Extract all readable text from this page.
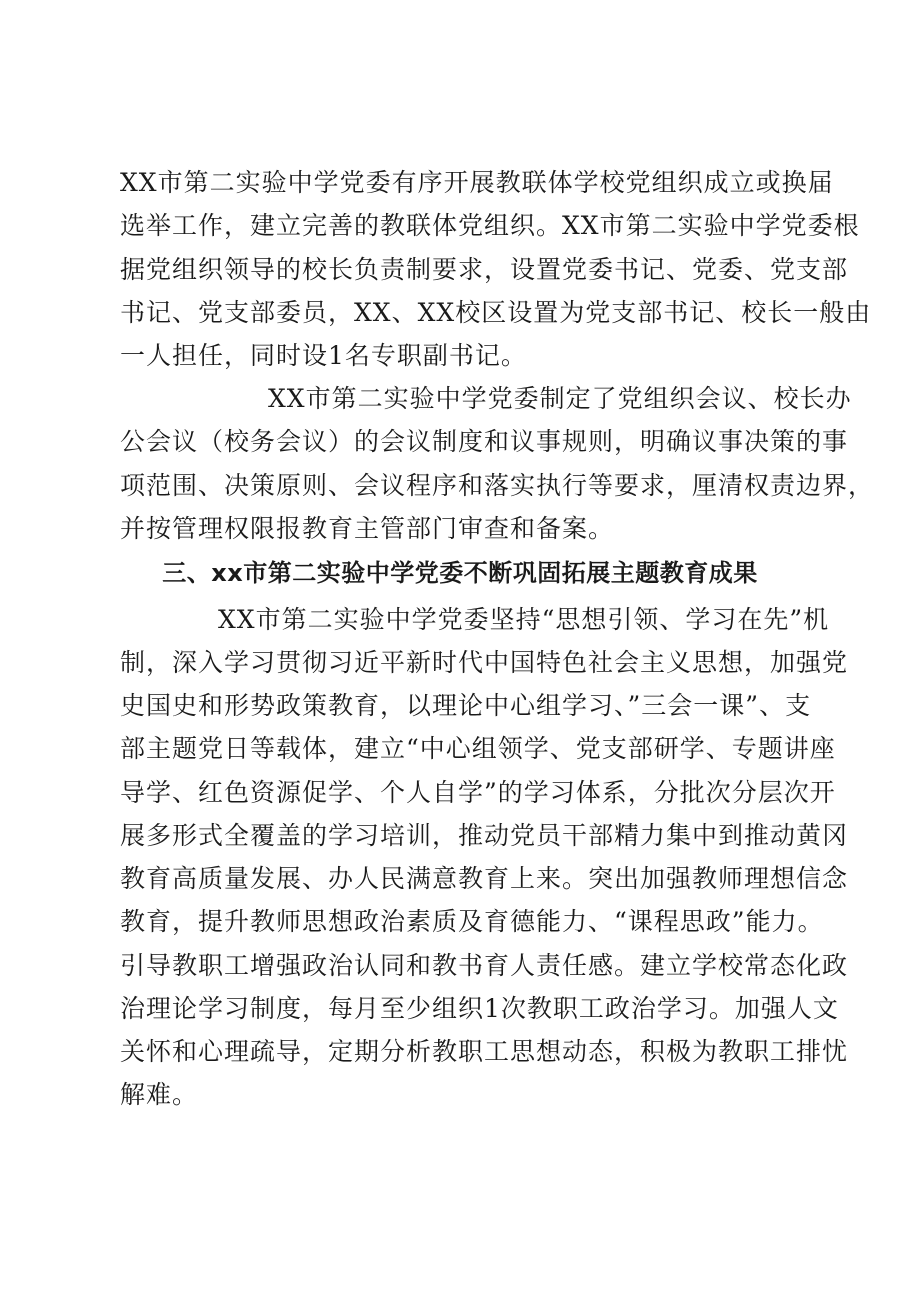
XX市第二实验中学党委有序开展教联体学校党组织成立或换届
选举工作，建立完善的教联体党组织。XX市第二实验中学党委根
据党组织领导的校长负责制要求，设置党委书记、党委、党支部
书记、党支部委员，XX、XX校区设置为党支部书记、校长一般由
一人担任，同时设1名专职副书记。
XX市第二实验中学党委制定了党组织会议、校长办
公会议（校务会议）的会议制度和议事规则，明确议事决策的事
项范围、决策原则、会议程序和落实执行等要求，厘清权责边界，
并按管理权限报教育主管部门审查和备案。
三、xx市第二实验中学党委不断巩固拓展主题教育成果
XX市第二实验中学党委坚持“思想引领、学习在先”机
制，深入学习贯彻习近平新时代中国特色社会主义思想，加强党
史国史和形势政策教育，以理论中心组学习、”三会一课”、支
部主题党日等载体，建立“中心组领学、党支部研学、专题讲座
导学、红色资源促学、个人自学”的学习体系，分批次分层次开
展多形式全覆盖的学习培训，推动党员干部精力集中到推动黄冈
教育高质量发展、办人民满意教育上来。突出加强教师理想信念
教育，提升教师思想政治素质及育德能力、“课程思政”能力。
引导教职工增强政治认同和教书育人责任感。建立学校常态化政
治理论学习制度，每月至少组织1次教职工政治学习。加强人文
关怀和心理疏导，定期分析教职工思想动态，积极为教职工排忧
解难。
